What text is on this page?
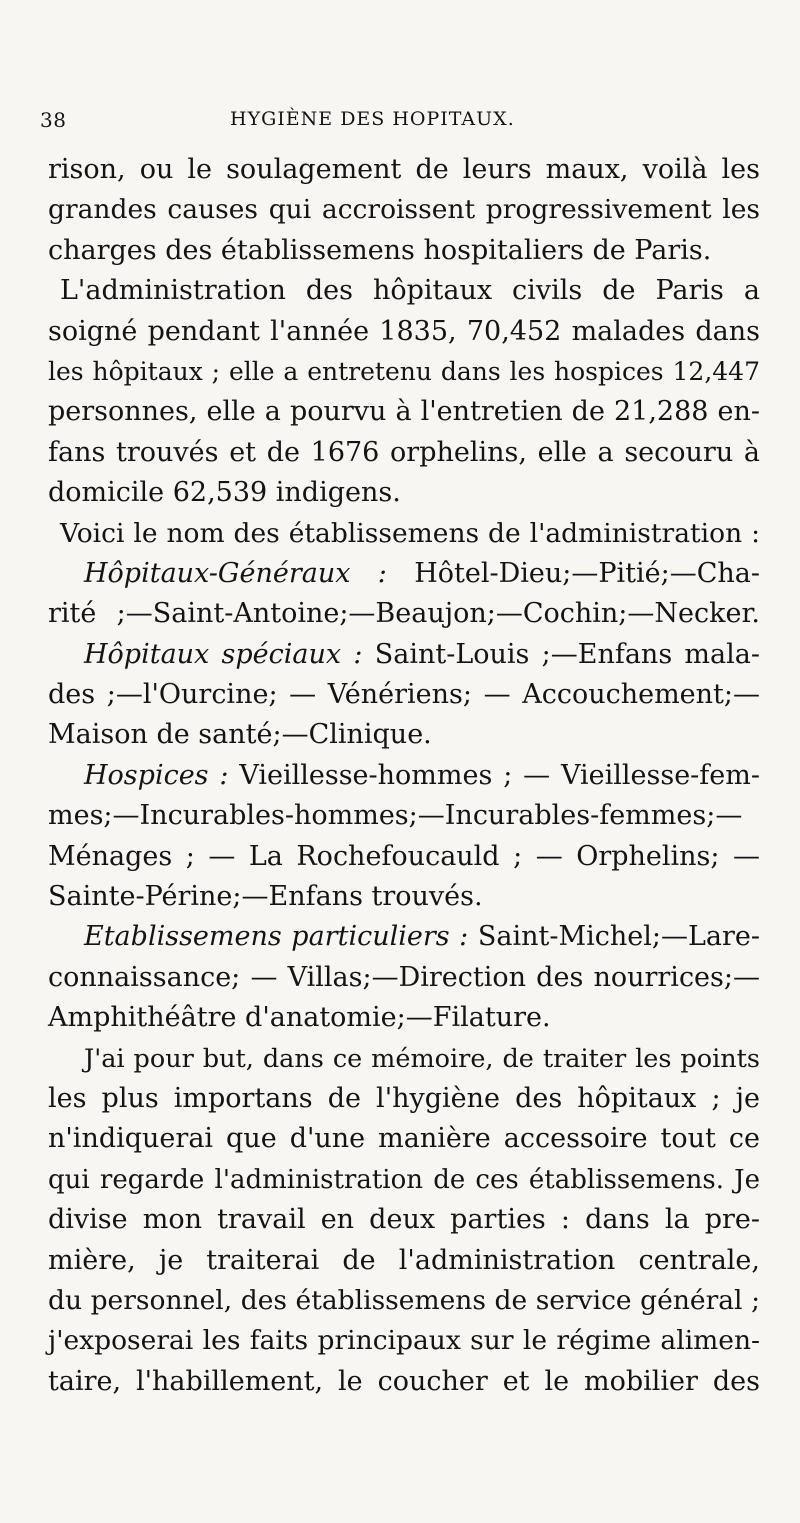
38	HYGIÈNE DES HOPITAUX.
rison, ou le soulagement de leurs maux, voilà les
grandes causes qui accroissent progressivement les
charges des établissemens hospitaliers de Paris.
L'administration des hôpitaux civils de Paris a
soigné pendant l'année 1835, 70,452 malades dans
les hôpitaux ; elle a entretenu dans les hospices 12,447
personnes, elle a pourvu à l'entretien de 21,288 en-
fans trouvés et de 1676 orphelins, elle a secouru à
domicile 62,539 indigens.
Voici le nom des établissemens de l'administration :
Hôpitaux-Généraux : Hôtel-Dieu;—Pitié;—Cha-
rité ;—Saint-Antoine;—Beaujon;—Cochin;—Necker.
Hôpitaux spéciaux : Saint-Louis ;—Enfans mala-
des ;—l'Ourcine; — Vénériens; — Accouchement;—
Maison de santé;—Clinique.
Hospices : Vieillesse-hommes ; — Vieillesse-fem-
mes;—Incurables-hommes;—Incurables-femmes;—
Ménages ; — La Rochefoucauld ; — Orphelins; —
Sainte-Périne;—Enfans trouvés.
Etablissemens particuliers : Saint-Michel;—Lare-
connaissance; — Villas;—Direction des nourrices;—
Amphithéâtre d'anatomie;—Filature.
J'ai pour but, dans ce mémoire, de traiter les points
les plus importans de l'hygiène des hôpitaux ; je
n'indiquerai que d'une manière accessoire tout ce
qui regarde l'administration de ces établissemens. Je
divise mon travail en deux parties : dans la pre-
mière, je traiterai de l'administration centrale,
du personnel, des établissemens de service général ;
j'exposerai les faits principaux sur le régime alimen-
taire, l'habillement, le coucher et le mobilier des
